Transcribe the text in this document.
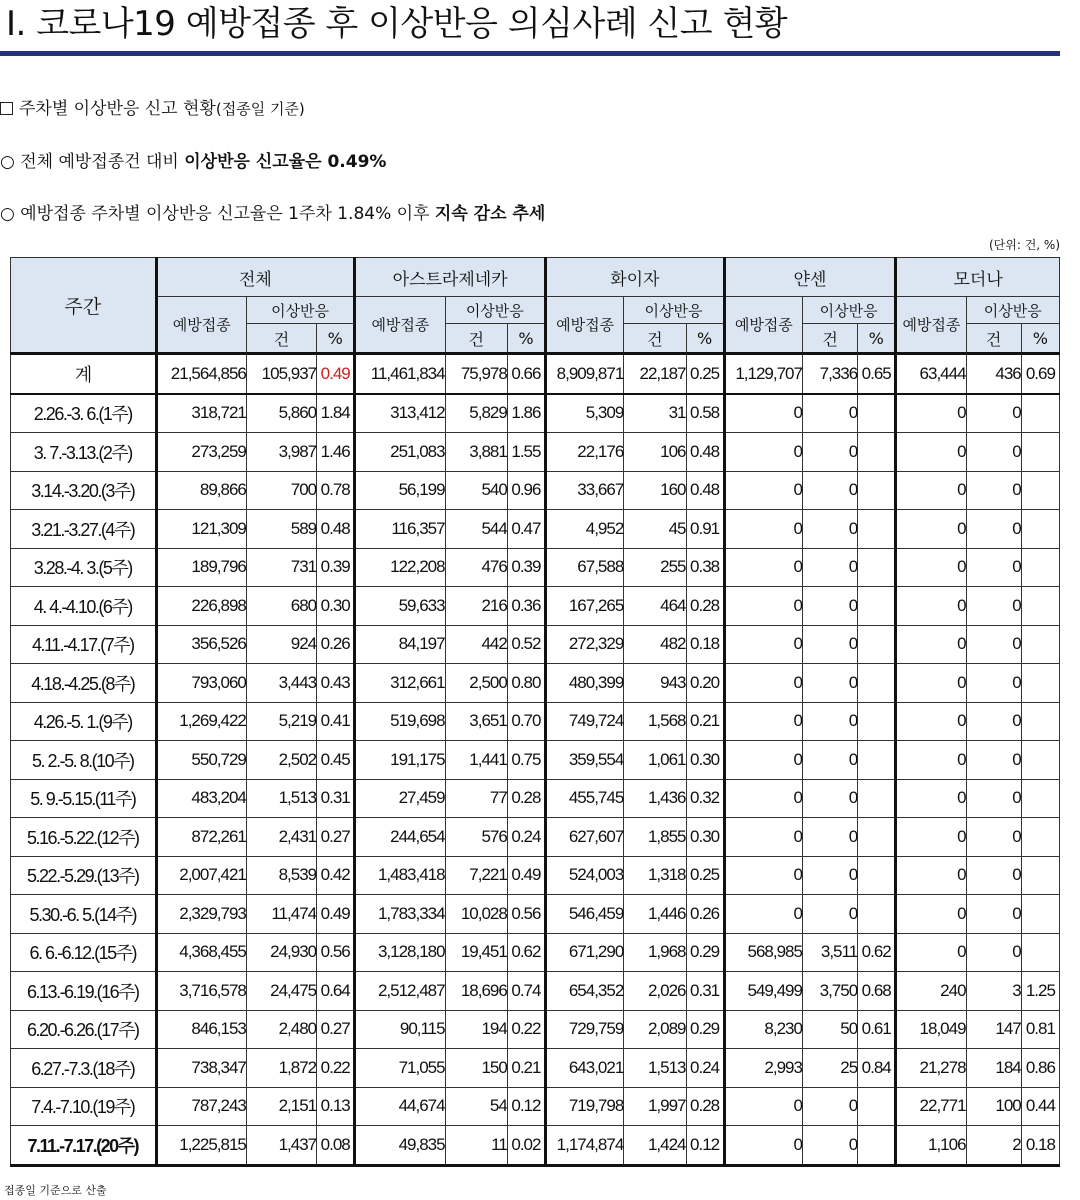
I. 코로나19 예방접종 후 이상반응 의심사례 신고 현황
주차별 이상반응 신고 현황(접종일 기준)
○ 전체 예방접종건 대비 이상반응 신고율은 0.49%
○ 예방접종 주차별 이상반응 신고율은 1주차 1.84% 이후 지속 감소 추세
(단위: 건, %)
주간	전체			아스트라제네카			화이자			얀센			모더나		
	예방접종	이상반응		예방접종	이상반응		예방접종	이상반응		예방접종	이상반응		예방접종	이상반응	
		건	%		건	%		건	%		건	%		건	%
계	21,564,856	105,937	0.49	11,461,834	75,978	0.66	8,909,871	22,187	0.25	1,129,707	7,336	0.65	63,444	436	0.69
2.26.-3. 6.(1주)	318,721	5,860	1.84	313,412	5,829	1.86	5,309	31	0.58	0	0		0	0	
3. 7.-3.13.(2주)	273,259	3,987	1.46	251,083	3,881	1.55	22,176	106	0.48	0	0		0	0	
3.14.-3.20.(3주)	89,866	700	0.78	56,199	540	0.96	33,667	160	0.48	0	0		0	0	
3.21.-3.27.(4주)	121,309	589	0.48	116,357	544	0.47	4,952	45	0.91	0	0		0	0	
3.28.-4. 3.(5주)	189,796	731	0.39	122,208	476	0.39	67,588	255	0.38	0	0		0	0	
4. 4.-4.10.(6주)	226,898	680	0.30	59,633	216	0.36	167,265	464	0.28	0	0		0	0	
4.11.-4.17.(7주)	356,526	924	0.26	84,197	442	0.52	272,329	482	0.18	0	0		0	0	
4.18.-4.25.(8주)	793,060	3,443	0.43	312,661	2,500	0.80	480,399	943	0.20	0	0		0	0	
4.26.-5. 1.(9주)	1,269,422	5,219	0.41	519,698	3,651	0.70	749,724	1,568	0.21	0	0		0	0	
5. 2.-5. 8.(10주)	550,729	2,502	0.45	191,175	1,441	0.75	359,554	1,061	0.30	0	0		0	0	
5. 9.-5.15.(11주)	483,204	1,513	0.31	27,459	77	0.28	455,745	1,436	0.32	0	0		0	0	
5.16.-5.22.(12주)	872,261	2,431	0.27	244,654	576	0.24	627,607	1,855	0.30	0	0		0	0	
5.22.-5.29.(13주)	2,007,421	8,539	0.42	1,483,418	7,221	0.49	524,003	1,318	0.25	0	0		0	0	
5.30.-6. 5.(14주)	2,329,793	11,474	0.49	1,783,334	10,028	0.56	546,459	1,446	0.26	0	0		0	0	
6. 6.-6.12.(15주)	4,368,455	24,930	0.56	3,128,180	19,451	0.62	671,290	1,968	0.29	568,985	3,511	0.62	0	0	
6.13.-6.19.(16주)	3,716,578	24,475	0.64	2,512,487	18,696	0.74	654,352	2,026	0.31	549,499	3,750	0.68	240	3	1.25
6.20.-6.26.(17주)	846,153	2,480	0.27	90,115	194	0.22	729,759	2,089	0.29	8,230	50	0.61	18,049	147	0.81
6.27.-7.3.(18주)	738,347	1,872	0.22	71,055	150	0.21	643,021	1,513	0.24	2,993	25	0.84	21,278	184	0.86
7.4.-7.10.(19주)	787,243	2,151	0.13	44,674	54	0.12	719,798	1,997	0.28	0	0		22,771	100	0.44
7.11.-7.17.(20주)	1,225,815	1,437	0.08	49,835	11	0.02	1,174,874	1,424	0.12	0	0		1,106	2	0.18
접종일 기준으로 산출
